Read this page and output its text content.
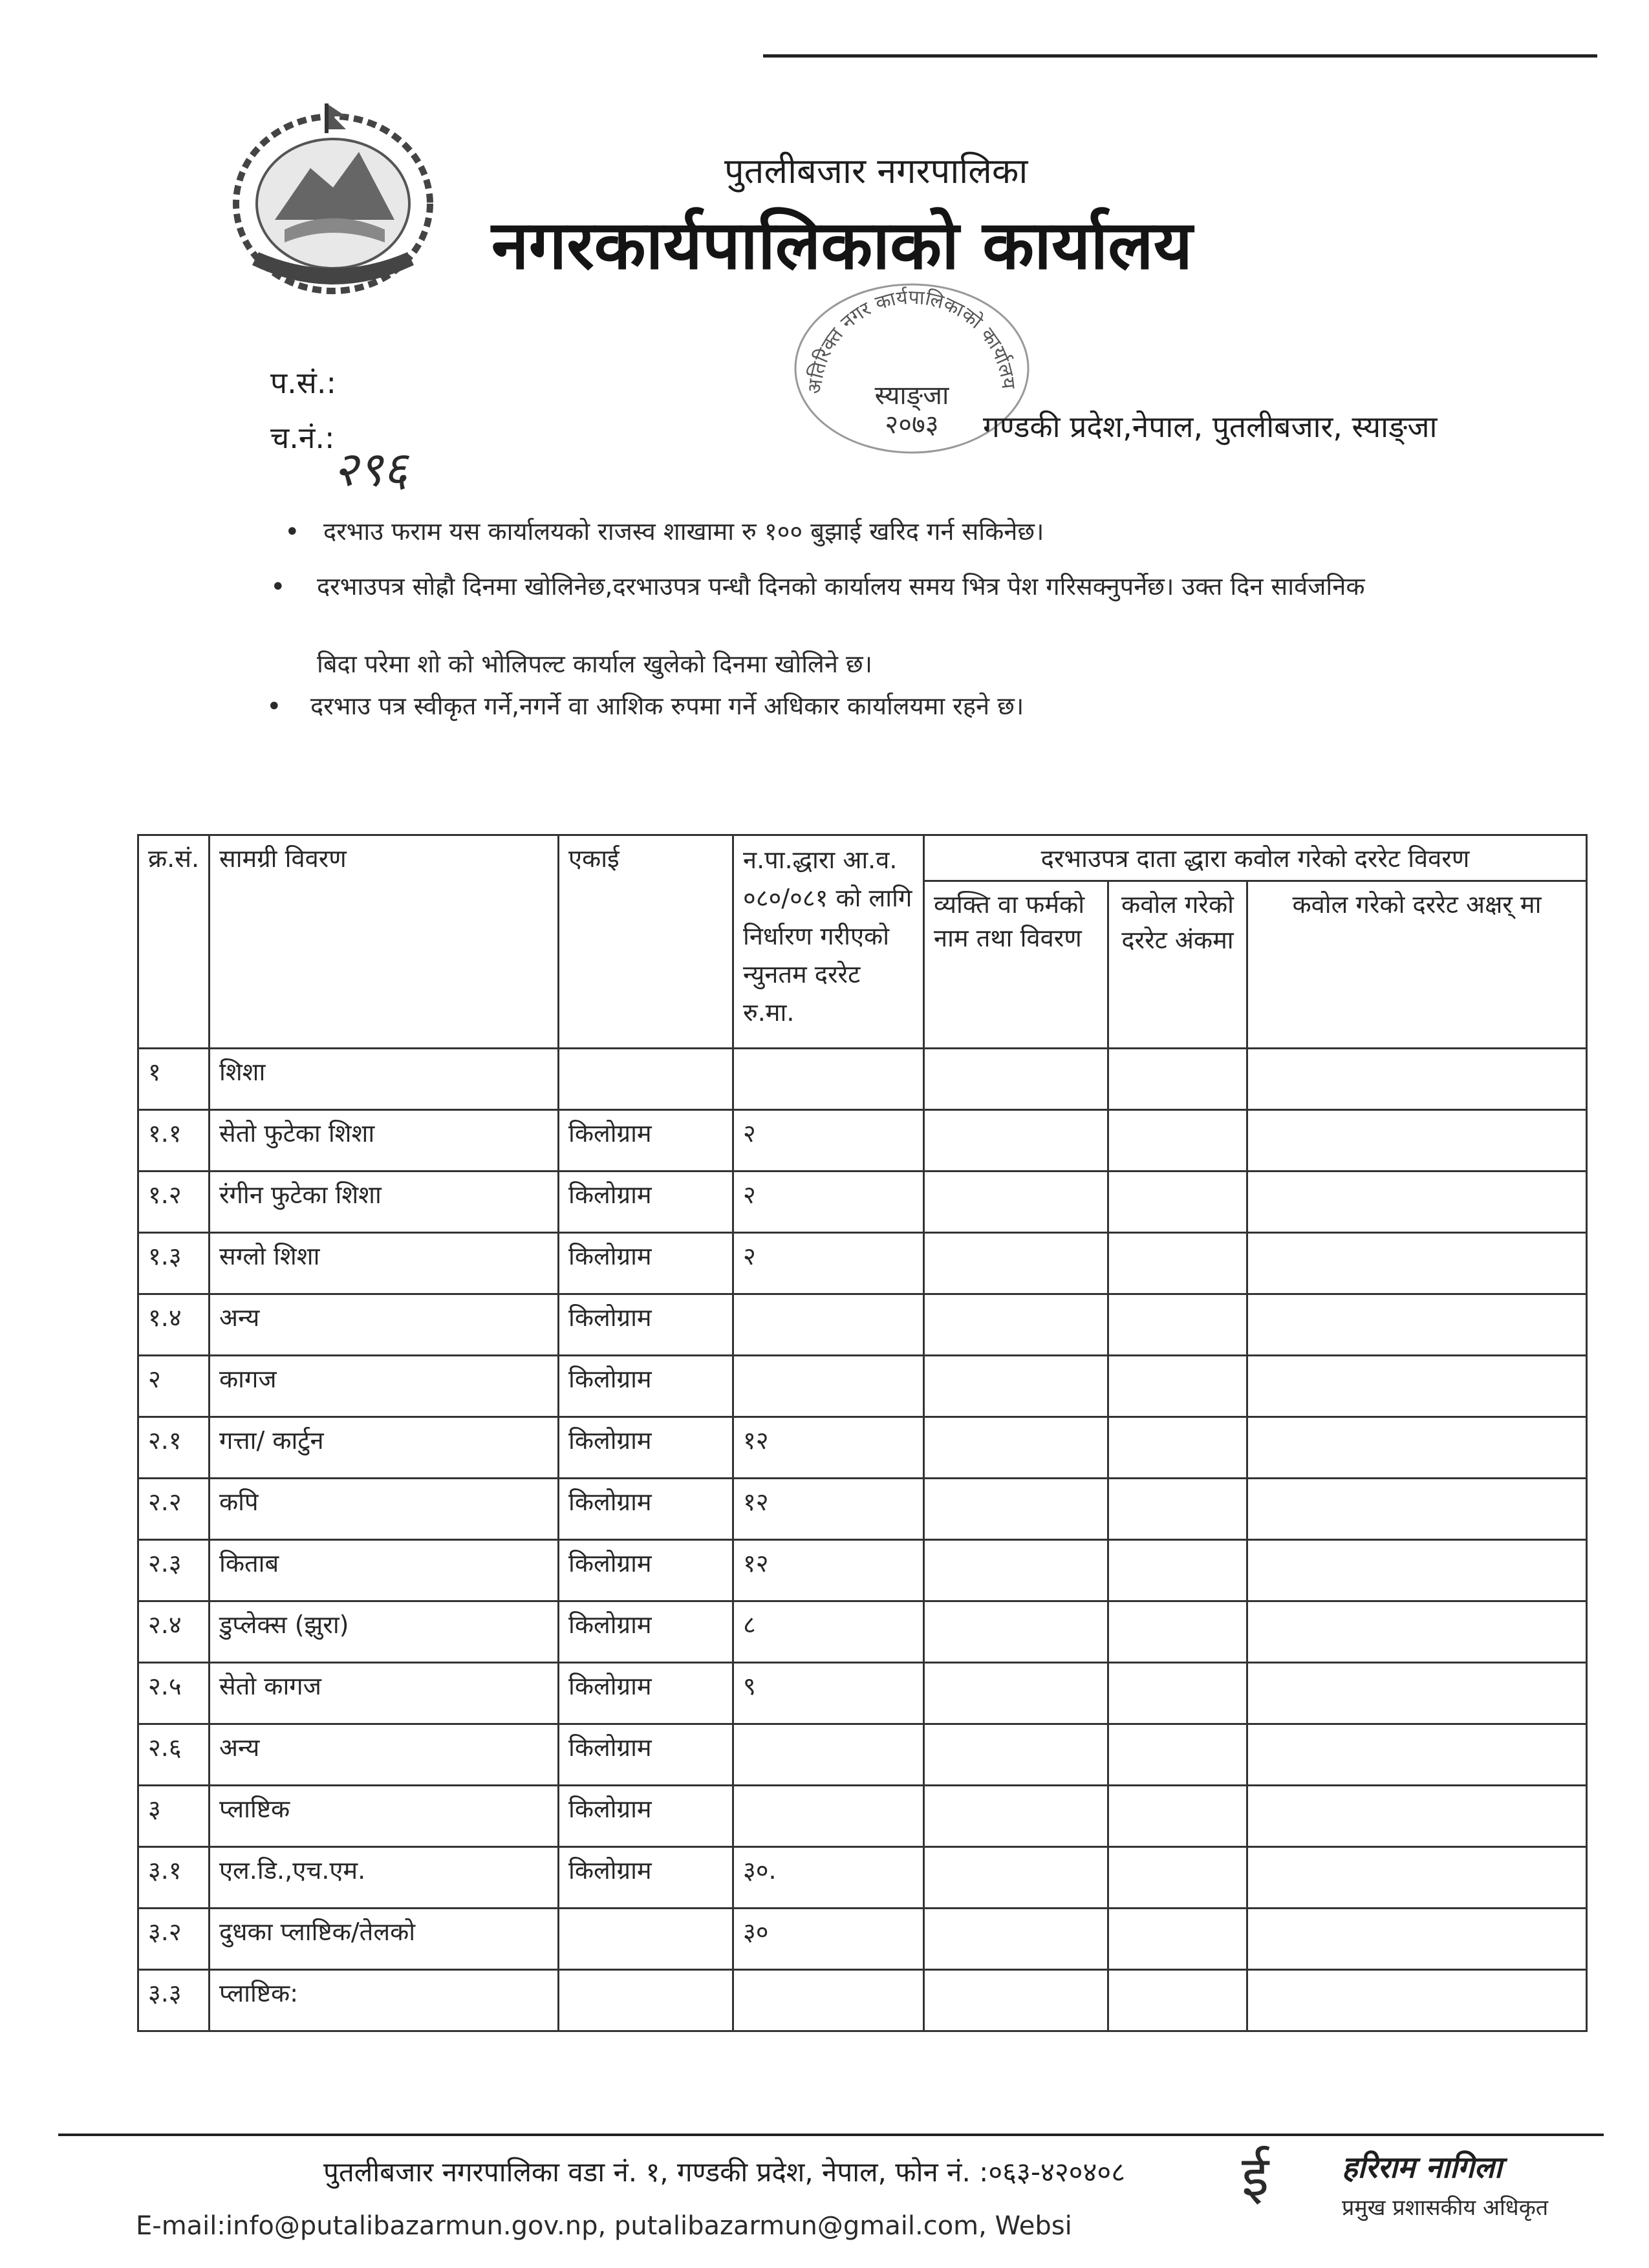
पुतलीबजार नगरपालिका
नगरकार्यपालिकाको कार्यालय
अतिरिक्त नगर कार्यपालिकाको कार्यालय
स्याङ्जा
२०७३
प.सं.:
च.नं.:
२९६
गण्डकी प्रदेश,नेपाल, पुतलीबजार, स्याङ्जा
• दरभाउ फराम यस कार्यालयको राजस्व शाखामा रु १०० बुझाई खरिद गर्न सकिनेछ।
• दरभाउपत्र सोह्रौ दिनमा खोलिनेछ,दरभाउपत्र पन्धौ दिनको कार्यालय समय भित्र पेश गरिसक्नुपर्नेछ। उक्त दिन सार्वजनिक
बिदा परेमा शो को भोलिपल्ट कार्याल खुलेको दिनमा खोलिने छ।
• दरभाउ पत्र स्वीकृत गर्ने,नगर्ने वा आशिक रुपमा गर्ने अधिकार कार्यालयमा रहने छ।
क्र.सं.	सामग्री विवरण	एकाई	न.पा.द्धारा आ.व. ०८०/०८१ को लागि निर्धारण गरीएको न्युनतम दररेट रु.मा.	दरभाउपत्र दाता द्धारा कवोल गरेको दररेट विवरण		
				व्यक्ति वा फर्मको नाम तथा विवरण	कवोल गरेको दररेट अंकमा	कवोल गरेको दररेट अक्षर् मा
१	शिशा					
१.१	सेतो फुटेका शिशा	किलोग्राम	२			
१.२	रंगीन फुटेका शिशा	किलोग्राम	२			
१.३	सग्लो शिशा	किलोग्राम	२			
१.४	अन्य	किलोग्राम				
२	कागज	किलोग्राम				
२.१	गत्ता/ कार्टुन	किलोग्राम	१२			
२.२	कपि	किलोग्राम	१२			
२.३	किताब	किलोग्राम	१२			
२.४	डुप्लेक्स (झुरा)	किलोग्राम	८			
२.५	सेतो कागज	किलोग्राम	९			
२.६	अन्य	किलोग्राम				
३	प्लाष्टिक	किलोग्राम				
३.१	एल.डि.,एच.एम.	किलोग्राम	३०.			
३.२	दुधका प्लाष्टिक/तेलको		३०			
३.३	प्लाष्टिक:					
पुतलीबजार नगरपालिका वडा नं. १, गण्डकी प्रदेश, नेपाल, फोन नं. :०६३-४२०४०८
E-mail:info@putalibazarmun.gov.np, putalibazarmun@gmail.com, Websi
ई हरिराम नागिला
प्रमुख प्रशासकीय अधिकृत
